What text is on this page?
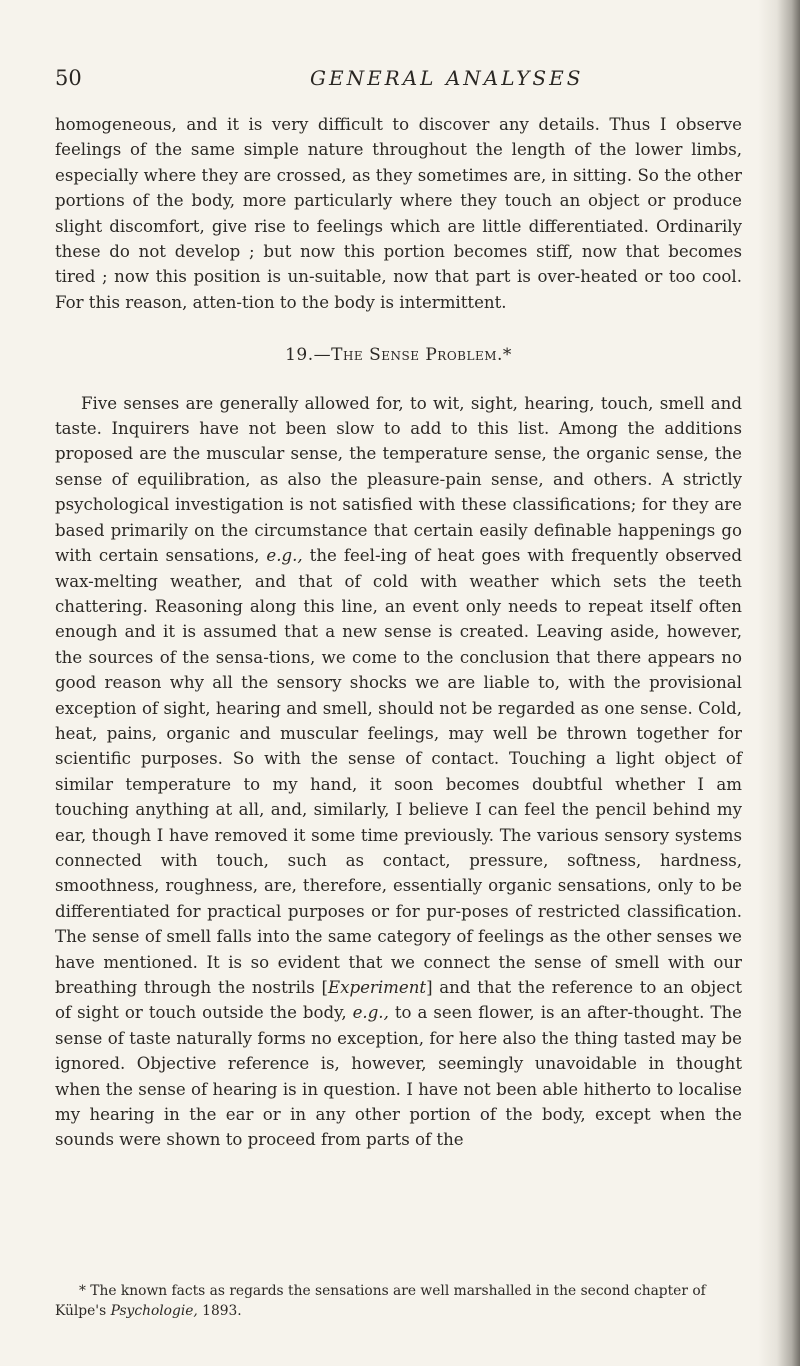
50	GENERAL ANALYSES

homogeneous, and it is very difficult to discover any details. Thus I observe feelings of the same simple nature throughout the length of the lower limbs, especially where they are crossed, as they sometimes are, in sitting. So the other portions of the body, more particularly where they touch an object or produce slight discomfort, give rise to feelings which are little differentiated. Ordinarily these do not develop ; but now this portion becomes stiff, now that becomes tired ; now this position is un-suitable, now that part is over-heated or too cool. For this reason, atten-tion to the body is intermittent.

19.—The Sense Problem.*

Five senses are generally allowed for, to wit, sight, hearing, touch, smell and taste. Inquirers have not been slow to add to this list. Among the additions proposed are the muscular sense, the temperature sense, the organic sense, the sense of equilibration, as also the pleasure-pain sense, and others. A strictly psychological investigation is not satisfied with these classifications; for they are based primarily on the circumstance that certain easily definable happenings go with certain sensations, e.g., the feel-ing of heat goes with frequently observed wax-melting weather, and that of cold with weather which sets the teeth chattering. Reasoning along this line, an event only needs to repeat itself often enough and it is assumed that a new sense is created. Leaving aside, however, the sources of the sensa-tions, we come to the conclusion that there appears no good reason why all the sensory shocks we are liable to, with the provisional exception of sight, hearing and smell, should not be regarded as one sense. Cold, heat, pains, organic and muscular feelings, may well be thrown together for scientific purposes. So with the sense of contact. Touching a light object of similar temperature to my hand, it soon becomes doubtful whether I am touching anything at all, and, similarly, I believe I can feel the pencil behind my ear, though I have removed it some time previously. The various sensory systems connected with touch, such as contact, pressure, softness, hardness, smoothness, roughness, are, therefore, essentially organic sensations, only to be differentiated for practical purposes or for pur-poses of restricted classification. The sense of smell falls into the same category of feelings as the other senses we have mentioned. It is so evident that we connect the sense of smell with our breathing through the nostrils [Experiment] and that the reference to an object of sight or touch outside the body, e.g., to a seen flower, is an after-thought. The sense of taste naturally forms no exception, for here also the thing tasted may be ignored. Objective reference is, however, seemingly unavoidable in thought when the sense of hearing is in question. I have not been able hitherto to localise my hearing in the ear or in any other portion of the body, except when the sounds were shown to proceed from parts of the

* The known facts as regards the sensations are well marshalled in the second chapter of Külpe's Psychologie, 1893.
